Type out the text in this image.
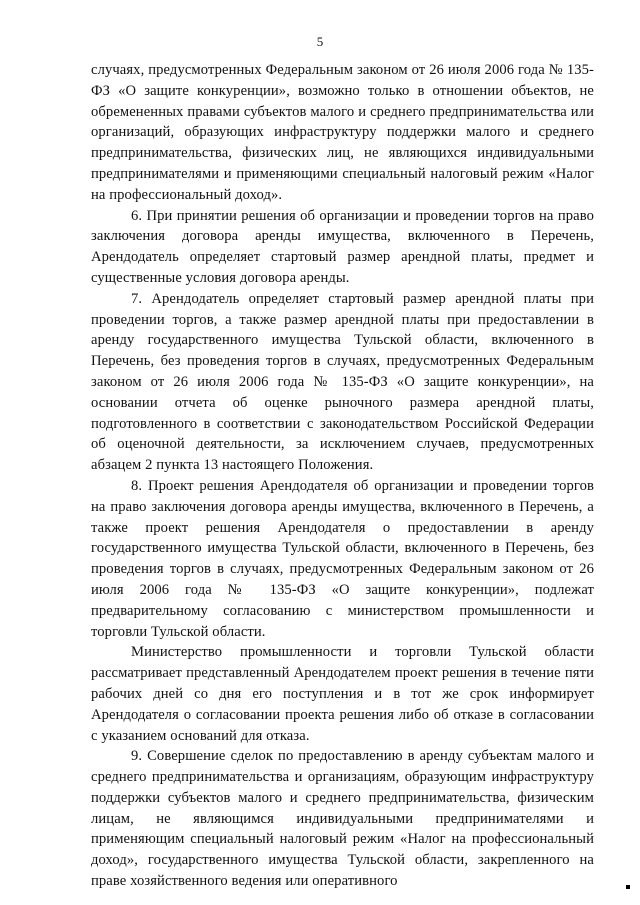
5

случаях, предусмотренных Федеральным законом от 26 июля 2006 года № 135-ФЗ «О защите конкуренции», возможно только в отношении объектов, не обремененных правами субъектов малого и среднего предпринимательства или организаций, образующих инфраструктуру поддержки малого и среднего предпринимательства, физических лиц, не являющихся индивидуальными предпринимателями и применяющими специальный налоговый режим «Налог на профессиональный доход».

6. При принятии решения об организации и проведении торгов на право заключения договора аренды имущества, включенного в Перечень, Арендодатель определяет стартовый размер арендной платы, предмет и существенные условия договора аренды.

7. Арендодатель определяет стартовый размер арендной платы при проведении торгов, а также размер арендной платы при предоставлении в аренду государственного имущества Тульской области, включенного в Перечень, без проведения торгов в случаях, предусмотренных Федеральным законом от 26 июля 2006 года № 135-ФЗ «О защите конкуренции», на основании отчета об оценке рыночного размера арендной платы, подготовленного в соответствии с законодательством Российской Федерации об оценочной деятельности, за исключением случаев, предусмотренных абзацем 2 пункта 13 настоящего Положения.

8. Проект решения Арендодателя об организации и проведении торгов на право заключения договора аренды имущества, включенного в Перечень, а также проект решения Арендодателя о предоставлении в аренду государственного имущества Тульской области, включенного в Перечень, без проведения торгов в случаях, предусмотренных Федеральным законом от 26 июля 2006 года № 135-ФЗ «О защите конкуренции», подлежат предварительному согласованию с министерством промышленности и торговли Тульской области.

Министерство промышленности и торговли Тульской области рассматривает представленный Арендодателем проект решения в течение пяти рабочих дней со дня его поступления и в тот же срок информирует Арендодателя о согласовании проекта решения либо об отказе в согласовании с указанием оснований для отказа.

9. Совершение сделок по предоставлению в аренду субъектам малого и среднего предпринимательства и организациям, образующим инфраструктуру поддержки субъектов малого и среднего предпринимательства, физическим лицам, не являющимся индивидуальными предпринимателями и применяющим специальный налоговый режим «Налог на профессиональный доход», государственного имущества Тульской области, закрепленного на праве хозяйственного ведения или оперативного
